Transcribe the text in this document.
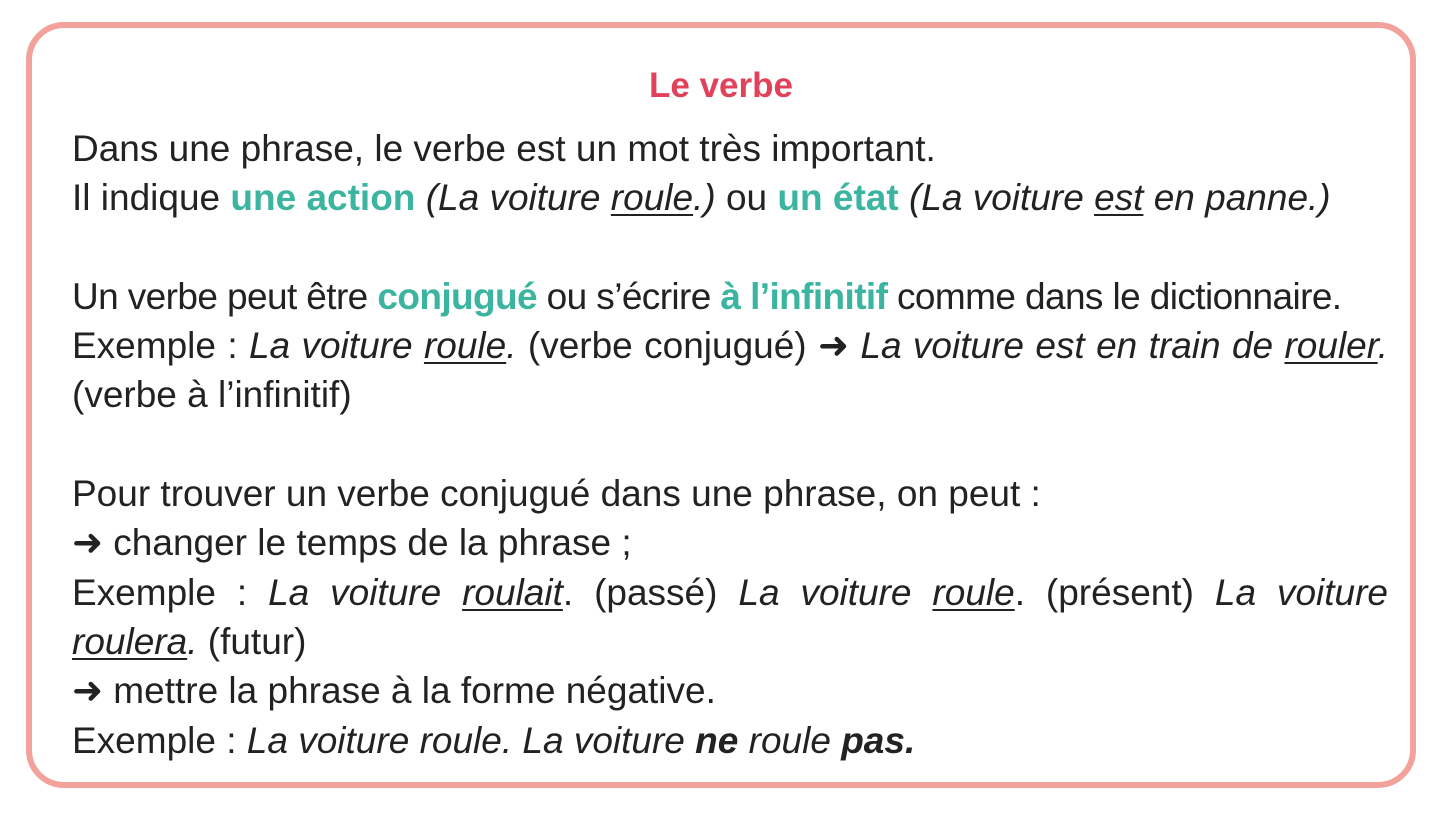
Le verbe
Dans une phrase, le verbe est un mot très important.
Il indique une action (La voiture roule.) ou un état (La voiture est en panne.)
Un verbe peut être conjugué ou s’écrire à l’infinitif comme dans le dictionnaire.
Exemple : La voiture roule. (verbe conjugué) ➜ La voiture est en train de rouler. (verbe à l’infinitif)
Pour trouver un verbe conjugué dans une phrase, on peut :
➜ changer le temps de la phrase ;
Exemple : La voiture roulait. (passé) La voiture roule. (présent) La voiture roulera. (futur)
➜ mettre la phrase à la forme négative.
Exemple : La voiture roule. La voiture ne roule pas.
